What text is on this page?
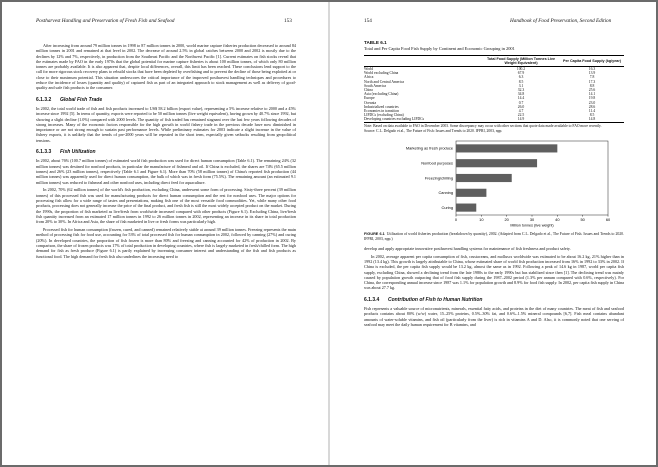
Postharvest Handling and Preservation of Fresh Fish and Seafood	153

After increasing from around 79 million tonnes in 1998 to 87 million tonnes in 2000, world marine capture fisheries production decreased to around 84 million tonnes in 2001 and remained at that level in 2002. The decrease of around 2.5% in global catches between 2000 and 2002 is mostly due to the declines by 12% and 7%, respectively, in production from the Southeast Pacific and the Northwest Pacific [1]. Current estimates on fish stocks reveal that the estimates made by FAO in the early 1970s that the global potential for marine capture fisheries is about 100 million tonnes, of which only 80 million tonnes are probably available. It is also apparent that, despite local differences, overall, this limit has been reached. These conclusions lend support to the call for more rigorous stock recovery plans to rebuild stocks that have been depleted by overfishing and to prevent the decline of those being exploited at or close to their maximum potential. This situation underscores the critical importance of the improved postharvest handling techniques and procedures to reduce the incidence of losses (quantity and quality) of captured fish as part of an integrated approach to stock management as well as delivery of good-quality and safe fish products to the consumer.

6.1.3.2 Global Fish Trade

In 2002, the total world trade of fish and fish products increased to US$ 58.2 billion (export value), representing a 5% increase relative to 2000 and a 45% increase since 1992 [5]. In terms of quantity, exports were reported to be 50 million tonnes (live weight equivalent), having grown by 40.7% since 1992, but showing a slight decline (1.0%) compared with 2000 levels. The quantity of fish traded has remained stagnant over the last few years following decades of strong increases. Many of the economic factors responsible for the high growth in world fishery trade in the previous decade have now diminished in importance or are not strong enough to sustain past performance levels. While preliminary estimates for 2003 indicate a slight increase in the value of fishery exports, it is unlikely that the trends of pre-2000 years will be repeated in the short term, especially given setbacks resulting from geopolitical tensions.

6.1.3.3 Fish Utilization

In 2002, about 76% (100.7 million tonnes) of estimated world fish production was used for direct human consumption (Table 6.1). The remaining 24% (32 million tonnes) was destined for nonfood products, in particular the manufacture of fishmeal and oil. If China is excluded, the shares are 74% (65.5 million tonnes) and 26% (23 million tonnes), respectively (Table 6.1 and Figure 6.1). More than 70% (58 million tonnes) of China's reported fish production (44 million tonnes) was apparently used for direct human consumption, the bulk of which was in fresh form (75.5%). The remaining amount (an estimated 9.1 million tonnes) was reduced to fishmeal and other nonfood uses, including direct feed for aquaculture.

In 2002, 70% (62 million tonnes) of the world's fish production, excluding China, underwent some form of processing. Sixty-three percent (39 million tonnes) of this processed fish was used for manufacturing products for direct human consumption and the rest for nonfood uses. The major options for processing fish allow for a wide range of tastes and presentations, making fish one of the most versatile food commodities. Yet, while many other food products, processing does not generally increase the price of the final product, and fresh fish is still the most widely accepted product on the market. During the 1990s, the proportion of fish marketed as live/fresh from worldwide increased compared with other products (Figure 6.1). Excluding China, live/fresh fish quantity increased from an estimated 17 million tonnes in 1992 to 26 million tonnes in 2002, representing an increase in its share in total production from 20% to 30%. In Africa and Asia, the share of fish marketed in live or fresh forms was particularly high.

Processed fish for human consumption (frozen, cured, and canned) remained relatively stable at around 39 million tonnes. Freezing represents the main method of processing fish for food use, accounting for 53% of total processed fish for human consumption in 2002, followed by canning (27%) and curing (20%). In developed countries, the proportion of fish frozen is more than 80% and freezing and canning accounted for 42% of production in 2002. By comparison, the share of frozen products was 17% of total production in developing countries, where fish is largely marketed in fresh/chilled form. The high demand for fish as fresh produce (Figure 6.1) is partly explained by increasing consumer interest and understanding of the fish and fish products as functional food. The high demand for fresh fish also underlines the increasing need to

154	Handbook of Food Preservation, Second Edition
TABLE 6.1
Total and Per Capita Food Fish Supply by Continent and Economic Grouping in 2001
	Total Food Supply (Million Tonnes Live Weight Equivalent)	Per Capita Food Supply (kg/year)
World	100.2	16.3
World excluding China	67.9	13.9
Africa	6.3	7.8
North and Central America	8.5	17.3
South America	3.1	8.8
China	32.3	25.6
Asia (excluding China)	34.8	14.1
Europe	14.4	19.8
Oceania	0.7	23.0
Industrialized countries	26.0	28.6
Economies in transition	4.7	11.4
LIFDCs (excluding China)	22.5	8.5
Developing countries excluding LIFDCs	14.9	14.8
Note: Based on data available to FAO in December 2003. Some discrepancy may occur with other sections that quote data made available to FAO more recently.
Source: C.L. Delgado et al., The Future of Fish: Issues and Trends to 2020. IFPRI, 2003, npp.
Marketing as fresh produce
Nonfood purposes
Freezing/chilling
Canning
Curing
0	10	20	30	40	50	60
Million tonnes (live weight)
FIGURE 6.1 Utilization of world fisheries production (breakdown by quantity), 2002. (Adapted from C.L. Delgado et al., The Future of Fish. Issues and Trends to 2020. IFPRI, 2003, npp.)

develop and apply appropriate innovative postharvest handling systems for maintenance of fish freshness and product safety.

In 2002, average apparent per capita consumption of fish, crustaceans, and molluscs worldwide was estimated to be about 16.2 kg, 21% higher than in 1992 (13.4 kg). This growth is largely attributable to China, whose estimated share of world fish production increased from 16% in 1992 to 33% in 2002. If China is excluded, the per capita fish supply would be 13.2 kg, almost the same as in 1992. Following a peak of 14.6 kg in 1987, world per capita fish supply, excluding China, showed a declining trend from the late 1980s to the early 1990s but has stabilized since then [1]. The declining trend was mainly caused by population growth outpacing that of food fish supply during the 1987–2002 period (1.3% per annum compared with 0.6%, respectively). For China, the corresponding annual increase since 1987 was 1.1% for population growth and 8.9% for food fish supply. In 2002, per capita fish supply in China was about 27.7 kg.

6.1.3.4 Contribution of Fish to Human Nutrition

Fish represents a valuable source of micronutrients, minerals, essential fatty acids, and proteins in the diet of many countries. The meat of fish and seafood products contains about 80% (w/w) water, 15–25% proteins, 0.5%–30% fat, and 0.6%–1.5% mineral compounds [6,7]. Fish meal contains abundant amounts of water-soluble vitamins, and fish oil (particularly from the liver) is rich in vitamins A and D. Also, it is commonly noted that one serving of seafood may meet the daily human requirement for B vitamins, and
